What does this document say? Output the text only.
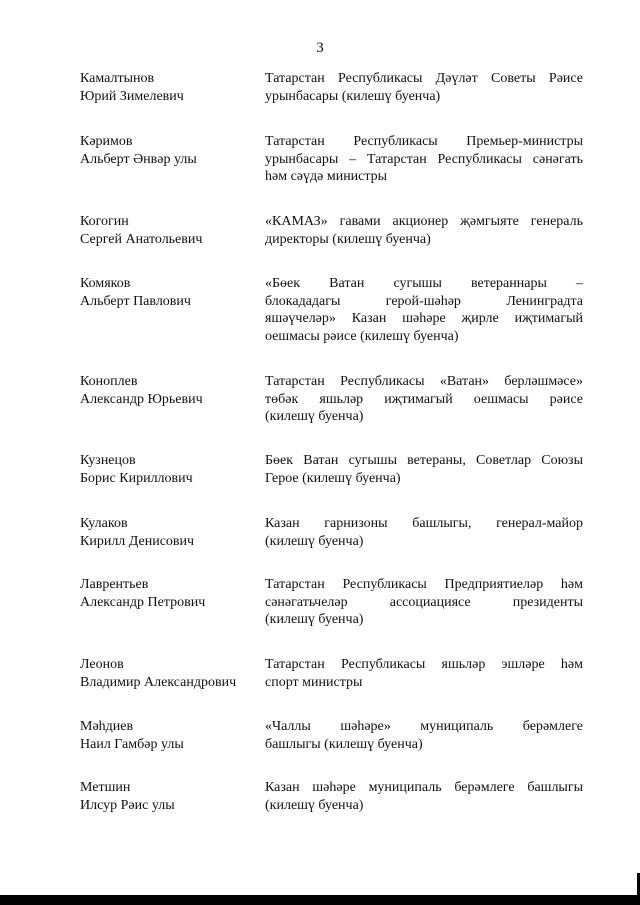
3
Камалтынов
Юрий Зимелевич
Татарстан Республикасы Дәүләт Советы Рәисе
урынбасары (килешү буенча)
Кәримов
Альберт Әнвәр улы
Татарстан Республикасы Премьер-министры
урынбасары – Татарстан Республикасы сәнәгать
һәм сәүдә министры
Когогин
Сергей Анатольевич
«КАМАЗ» гавами акционер җәмгыяте генераль
директоры (килешү буенча)
Комяков
Альберт Павлович
«Бөек Ватан сугышы ветераннары –
блокададагы герой-шәһәр Ленинградта
яшәүчеләр» Казан шәһәре җирле иҗтимагый
оешмасы рәисе (килешү буенча)
Коноплев
Александр Юрьевич
Татарстан Республикасы «Ватан» берләшмәсе»
төбәк яшьләр иҗтимагый оешмасы рәисе
(килешү буенча)
Кузнецов
Борис Кириллович
Бөек Ватан сугышы ветераны, Советлар Союзы
Герое (килешү буенча)
Кулаков
Кирилл Денисович
Казан гарнизоны башлыгы, генерал-майор
(килешү буенча)
Лаврентьев
Александр Петрович
Татарстан Республикасы Предприятиеләр һәм
сәнәгатьчеләр ассоциациясе президенты
(килешү буенча)
Леонов
Владимир Александрович
Татарстан Республикасы яшьләр эшләре һәм
спорт министры
Мәһдиев
Наил Гамбәр улы
«Чаллы шәһәре» муниципаль берәмлеге
башлыгы (килешү буенча)
Метшин
Илсур Рәис улы
Казан шәһәре муниципаль берәмлеге башлыгы
(килешү буенча)
